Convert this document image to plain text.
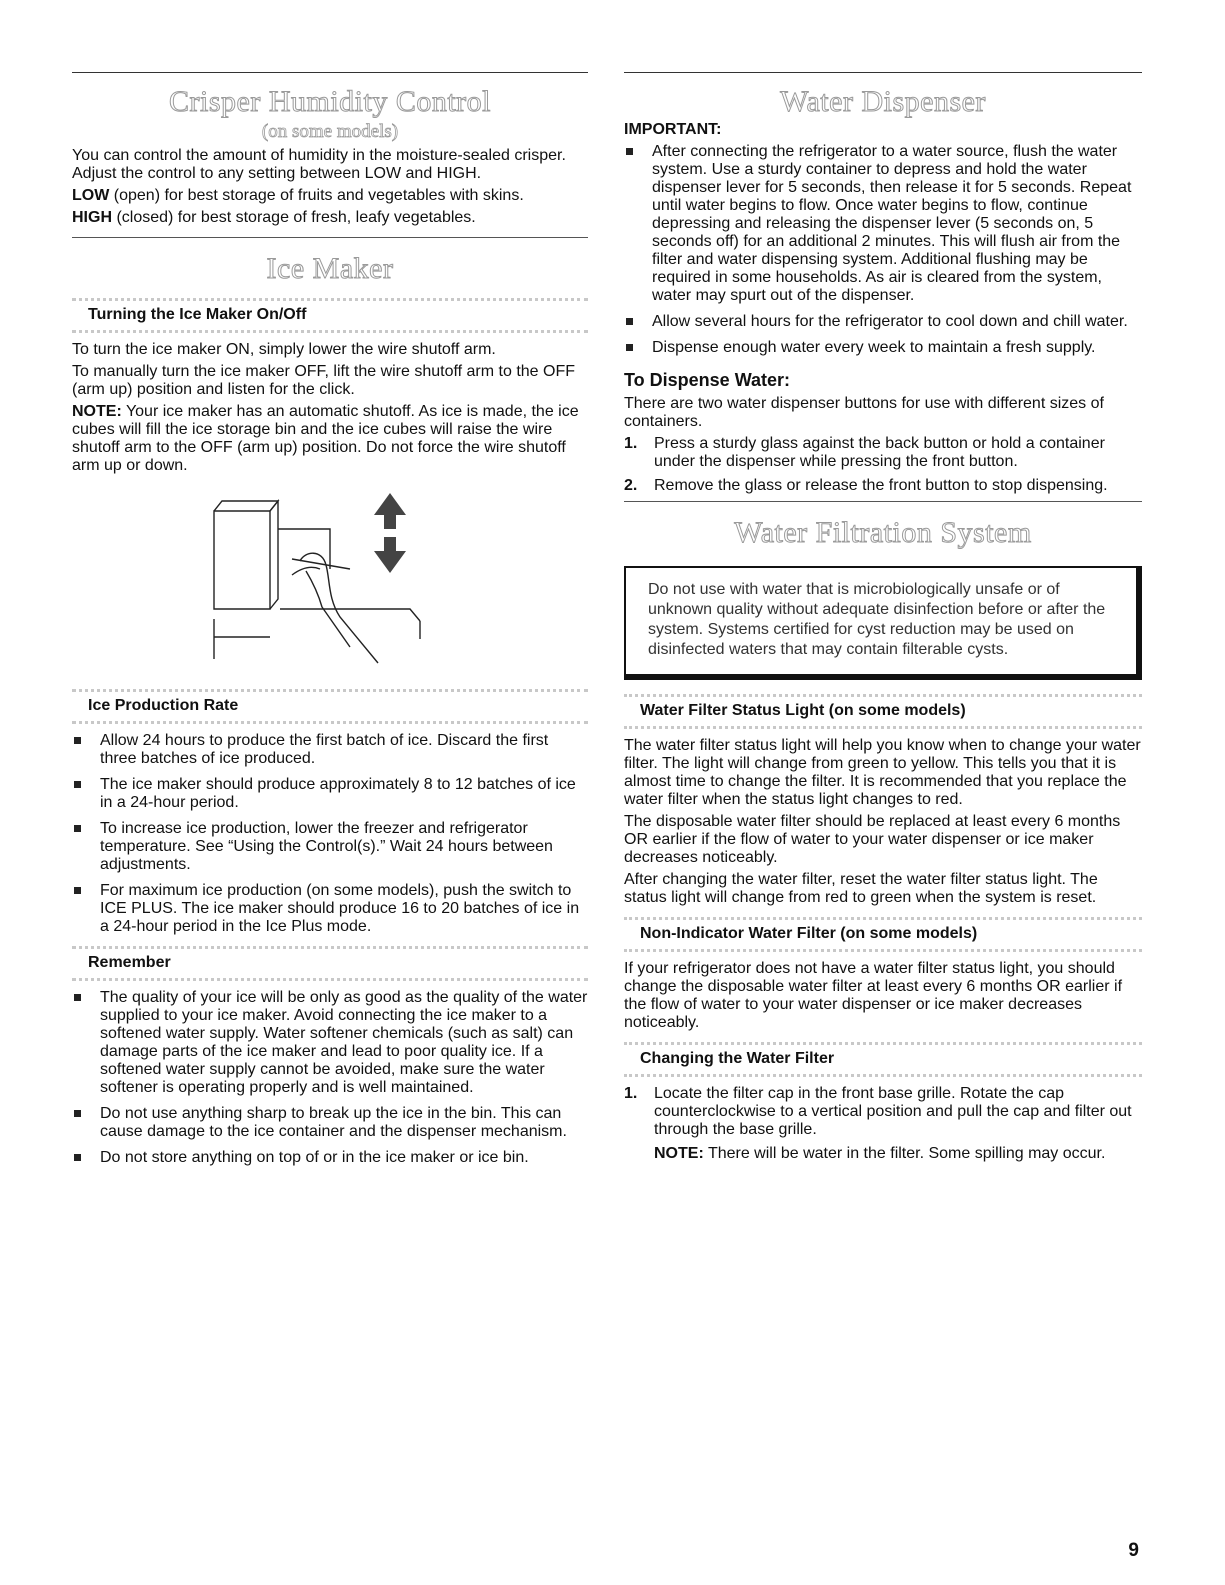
Crisper Humidity Control
(on some models)

You can control the amount of humidity in the moisture-sealed crisper. Adjust the control to any setting between LOW and HIGH.

LOW (open) for best storage of fruits and vegetables with skins.

HIGH (closed) for best storage of fresh, leafy vegetables.

Ice Maker
Turning the Ice Maker On/Off

To turn the ice maker ON, simply lower the wire shutoff arm.

To manually turn the ice maker OFF, lift the wire shutoff arm to the OFF (arm up) position and listen for the click.

NOTE: Your ice maker has an automatic shutoff. As ice is made, the ice cubes will fill the ice storage bin and the ice cubes will raise the wire shutoff arm to the OFF (arm up) position. Do not force the wire shutoff arm up or down.

Ice Production Rate
Allow 24 hours to produce the first batch of ice. Discard the first three batches of ice produced.
The ice maker should produce approximately 8 to 12 batches of ice in a 24-hour period.
To increase ice production, lower the freezer and refrigerator temperature. See “Using the Control(s).” Wait 24 hours between adjustments.
For maximum ice production (on some models), push the switch to ICE PLUS. The ice maker should produce 16 to 20 batches of ice in a 24-hour period in the Ice Plus mode.
Remember
The quality of your ice will be only as good as the quality of the water supplied to your ice maker. Avoid connecting the ice maker to a softened water supply. Water softener chemicals (such as salt) can damage parts of the ice maker and lead to poor quality ice. If a softened water supply cannot be avoided, make sure the water softener is operating properly and is well maintained.
Do not use anything sharp to break up the ice in the bin. This can cause damage to the ice container and the dispenser mechanism.
Do not store anything on top of or in the ice maker or ice bin.
Water Dispenser

IMPORTANT:

After connecting the refrigerator to a water source, flush the water system. Use a sturdy container to depress and hold the water dispenser lever for 5 seconds, then release it for 5 seconds. Repeat until water begins to flow. Once water begins to flow, continue depressing and releasing the dispenser lever (5 seconds on, 5 seconds off) for an additional 2 minutes. This will flush air from the filter and water dispensing system. Additional flushing may be required in some households. As air is cleared from the system, water may spurt out of the dispenser.
Allow several hours for the refrigerator to cool down and chill water.
Dispense enough water every week to maintain a fresh supply.

To Dispense Water:

There are two water dispenser buttons for use with different sizes of containers.

1. Press a sturdy glass against the back button or hold a container under the dispenser while pressing the front button.
2. Remove the glass or release the front button to stop dispensing.
Water Filtration System
Do not use with water that is microbiologically unsafe or of unknown quality without adequate disinfection before or after the system. Systems certified for cyst reduction may be used on disinfected waters that may contain filterable cysts.
Water Filter Status Light (on some models)

The water filter status light will help you know when to change your water filter. The light will change from green to yellow. This tells you that it is almost time to change the filter. It is recommended that you replace the water filter when the status light changes to red.

The disposable water filter should be replaced at least every 6 months OR earlier if the flow of water to your water dispenser or ice maker decreases noticeably.

After changing the water filter, reset the water filter status light. The status light will change from red to green when the system is reset.

Non-Indicator Water Filter (on some models)

If your refrigerator does not have a water filter status light, you should change the disposable water filter at least every 6 months OR earlier if the flow of water to your water dispenser or ice maker decreases noticeably.

Changing the Water Filter
1. Locate the filter cap in the front base grille. Rotate the cap counterclockwise to a vertical position and pull the cap and filter out through the base grille.
NOTE: There will be water in the filter. Some spilling may occur.
9
